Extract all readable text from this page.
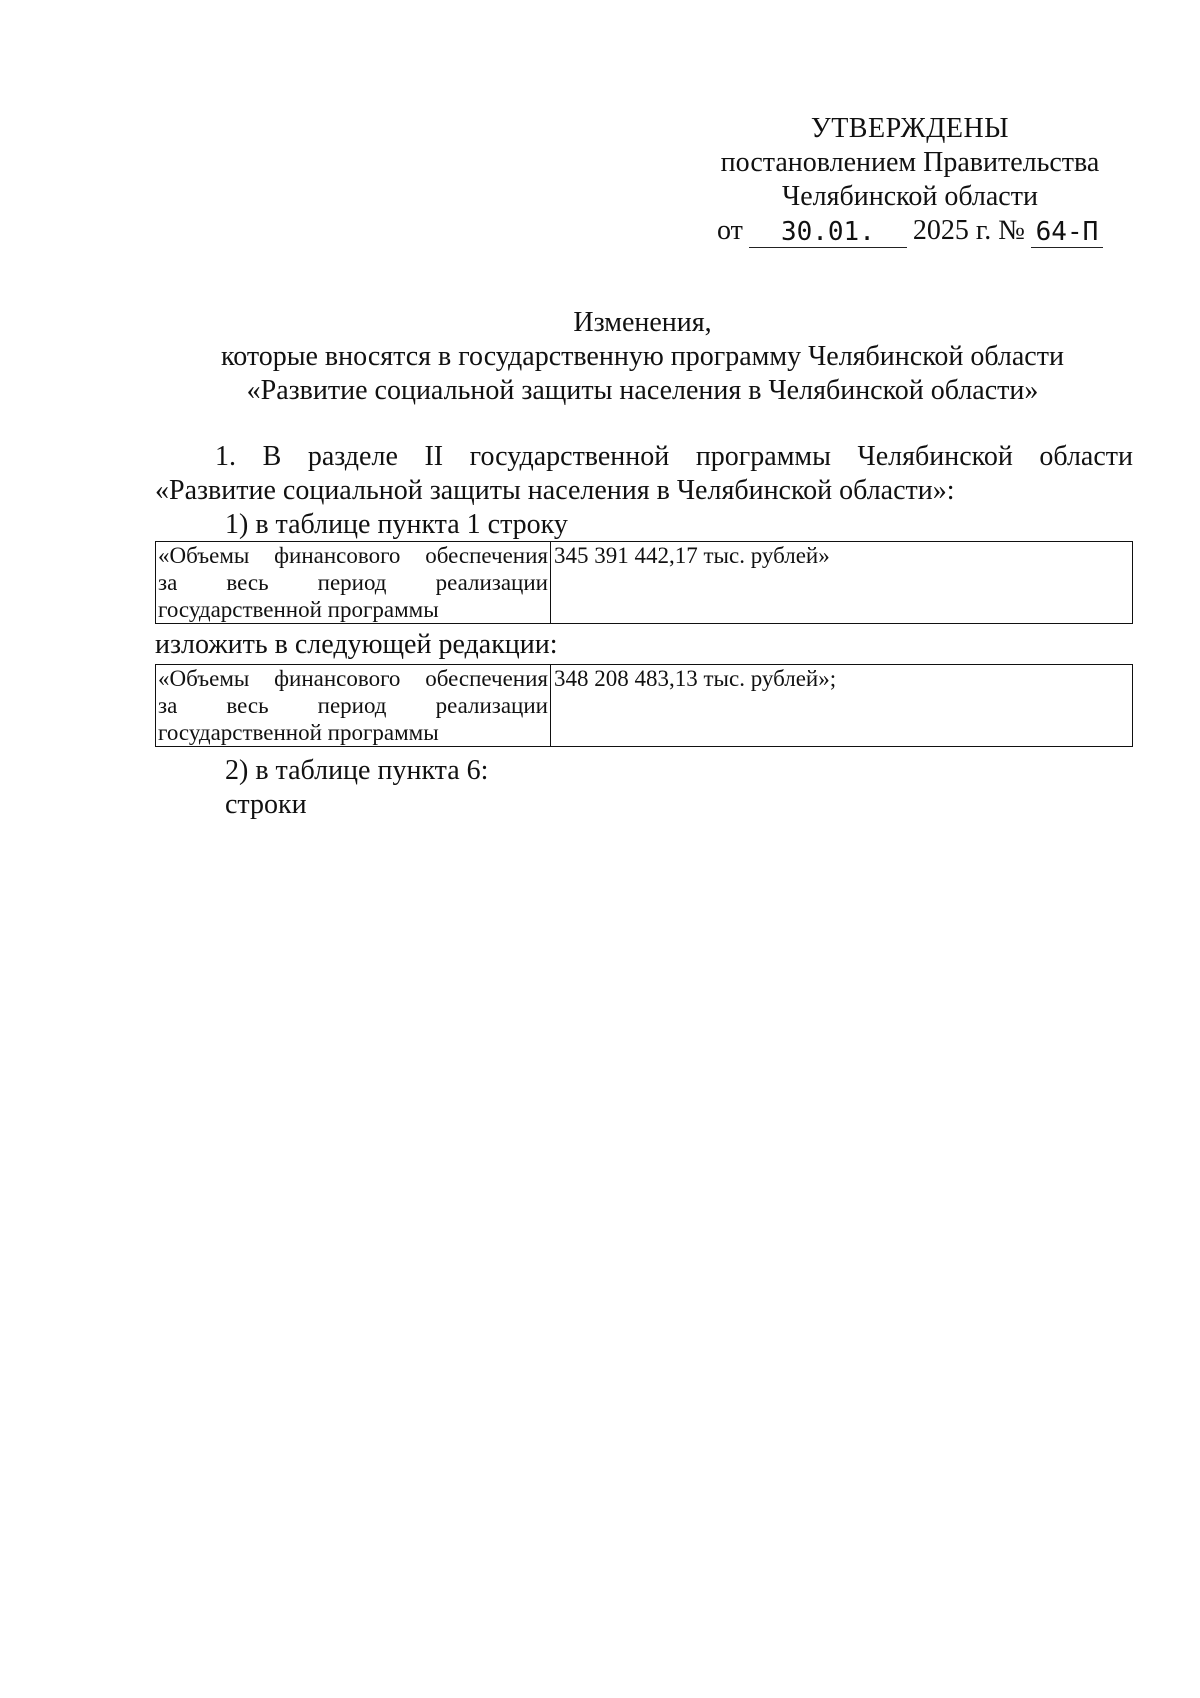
УТВЕРЖДЕНЫ
постановлением Правительства
Челябинской области
от	30.01.	2025 г. № 64-П
Изменения,
которые вносятся в государственную программу Челябинской области
«Развитие социальной защиты населения в Челябинской области»
1. В разделе II государственной программы Челябинской области
«Развитие социальной защиты населения в Челябинской области»:
1) в таблице пункта 1 строку
«Объемы финансового обеспечения
за весь период реализации
государственной программы	345 391 442,17 тыс. рублей»
изложить в следующей редакции:
«Объемы финансового обеспечения
за весь период реализации
государственной программы	348 208 483,13 тыс. рублей»;
2) в таблице пункта 6:
строки
